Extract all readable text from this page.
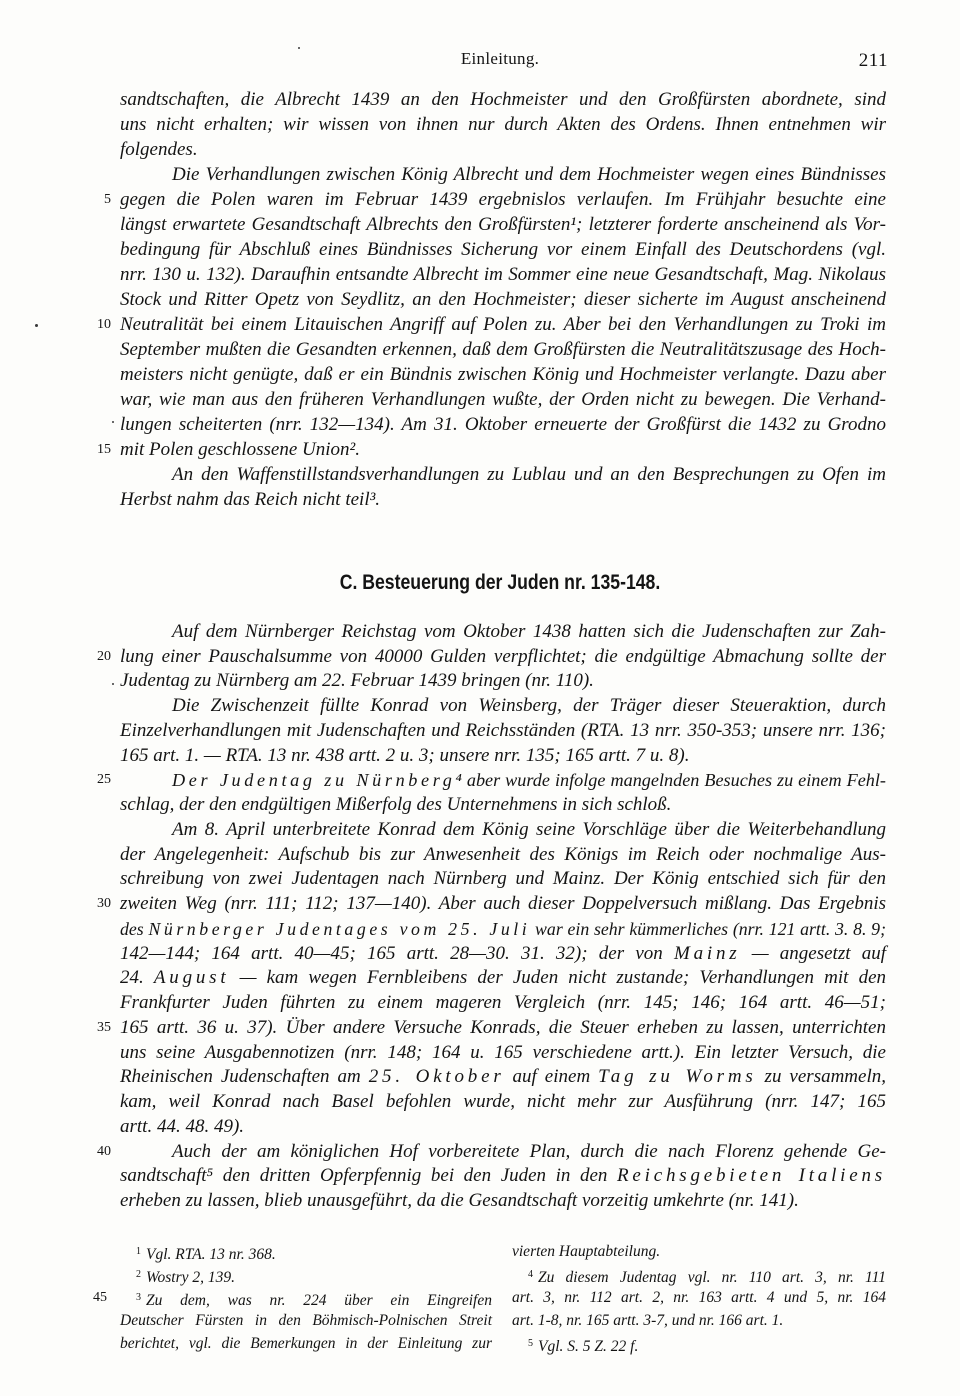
Einleitung.	211
C. Besteuerung der Juden nr. 135-148.
sandtschaften, die Albrecht 1439 an den Hochmeister und den Großfürsten abordnete, sind
uns nicht erhalten; wir wissen von ihnen nur durch Akten des Ordens. Ihnen entnehmen wir
folgendes.
Die Verhandlungen zwischen König Albrecht und dem Hochmeister wegen eines Bündnisses
gegen die Polen waren im Februar 1439 ergebnislos verlaufen. Im Frühjahr besuchte eine
5
längst erwartete Gesandtschaft Albrechts den Großfürsten¹; letzterer forderte anscheinend als Vor-
bedingung für Abschluß eines Bündnisses Sicherung vor einem Einfall des Deutschordens (vgl.
nrr. 130 u. 132). Daraufhin entsandte Albrecht im Sommer eine neue Gesandtschaft, Mag. Nikolaus
Stock und Ritter Opetz von Seydlitz, an den Hochmeister; dieser sicherte im August anscheinend
Neutralität bei einem Litauischen Angriff auf Polen zu. Aber bei den Verhandlungen zu Troki im
10
September mußten die Gesandten erkennen, daß dem Großfürsten die Neutralitätszusage des Hoch-
meisters nicht genügte, daß er ein Bündnis zwischen König und Hochmeister verlangte. Dazu aber
war, wie man aus den früheren Verhandlungen wußte, der Orden nicht zu bewegen. Die Verhand-
lungen scheiterten (nrr. 132—134). Am 31. Oktober erneuerte der Großfürst die 1432 zu Grodno
mit Polen geschlossene Union².
15
An den Waffenstillstandsverhandlungen zu Lublau und an den Besprechungen zu Ofen im
Herbst nahm das Reich nicht teil³.
Auf dem Nürnberger Reichstag vom Oktober 1438 hatten sich die Judenschaften zur Zah-
lung einer Pauschalsumme von 40000 Gulden verpflichtet; die endgültige Abmachung sollte der
20
Judentag zu Nürnberg am 22. Februar 1439 bringen (nr. 110).
Die Zwischenzeit füllte Konrad von Weinsberg, der Träger dieser Steueraktion, durch
Einzelverhandlungen mit Judenschaften und Reichsständen (RTA. 13 nrr. 350-353; unsere nrr. 136;
165 art. 1. — RTA. 13 nr. 438 artt. 2 u. 3; unsere nrr. 135; 165 artt. 7 u. 8).
Der Judentag zu Nürnberg⁴ aber wurde infolge mangelnden Besuches zu einem Fehl-
25
schlag, der den endgültigen Mißerfolg des Unternehmens in sich schloß.
Am 8. April unterbreitete Konrad dem König seine Vorschläge über die Weiterbehandlung
der Angelegenheit: Aufschub bis zur Anwesenheit des Königs im Reich oder nochmalige Aus-
schreibung von zwei Judentagen nach Nürnberg und Mainz. Der König entschied sich für den
zweiten Weg (nrr. 111; 112; 137—140). Aber auch dieser Doppelversuch mißlang. Das Ergebnis
30
des Nürnberger Judentages vom 25. Juli war ein sehr kümmerliches (nrr. 121 artt. 3. 8. 9;
142—144; 164 artt. 40—45; 165 artt. 28—30. 31. 32); der von Mainz — angesetzt auf
24. August — kam wegen Fernbleibens der Juden nicht zustande; Verhandlungen mit den
Frankfurter Juden führten zu einem mageren Vergleich (nrr. 145; 146; 164 artt. 46—51;
165 artt. 36 u. 37). Über andere Versuche Konrads, die Steuer erheben zu lassen, unterrichten
35
uns seine Ausgabennotizen (nrr. 148; 164 u. 165 verschiedene artt.). Ein letzter Versuch, die
Rheinischen Judenschaften am 25. Oktober auf einem Tag zu Worms zu versammeln,
kam, weil Konrad nach Basel befohlen wurde, nicht mehr zur Ausführung (nrr. 147; 165
artt. 44. 48. 49).
Auch der am königlichen Hof vorbereitete Plan, durch die nach Florenz gehende Ge-
40
sandtschaft⁵ den dritten Opferpfennig bei den Juden in den Reichsgebieten Italiens
erheben zu lassen, blieb unausgeführt, da die Gesandtschaft vorzeitig umkehrte (nr. 141).
$^1$ Vgl. RTA. 13 nr. 368.
$^2$ Wostry 2, 139.
$^3$ Zu dem, was nr. 224 über ein Eingreifen
Deutscher Fürsten in den Böhmisch-Polnischen Streit
berichtet, vgl. die Bemerkungen in der Einleitung zur
vierten Hauptabteilung.
$^4$ Zu diesem Judentag vgl. nr. 110 art. 3, nr. 111
art. 3, nr. 112 art. 2, nr. 163 artt. 4 und 5, nr. 164
art. 1-8, nr. 165 artt. 3-7, und nr. 166 art. 1.
$^5$ Vgl. S. 5 Z. 22 f.
45
